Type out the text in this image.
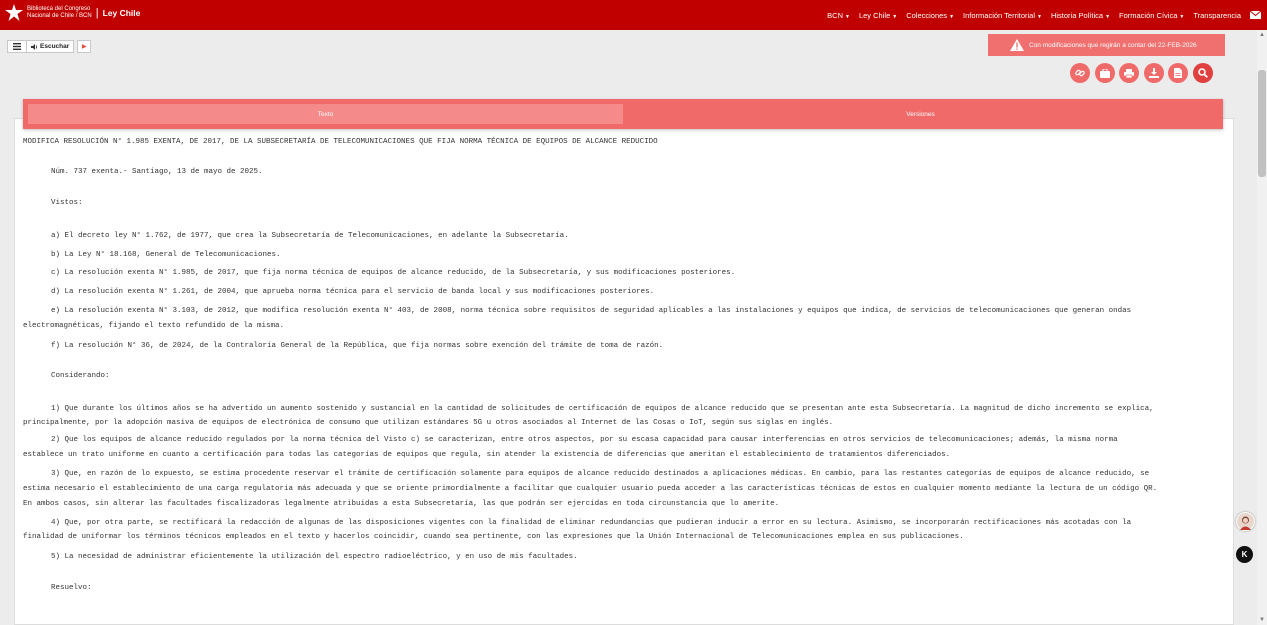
Biblioteca del Congreso
Nacional de Chile / BCN | Ley Chile	BCN ▼ Ley Chile ▼ Colecciones ▼ Información Territorial ▼ Historia Política ▼ Formación Cívica ▼ Transparencia
Escuchar ▶	Con modificaciones que regirán a contar del 22-FEB-2026
Texto	Versiones

MODIFICA RESOLUCIÓN N° 1.985 EXENTA, DE 2017, DE LA SUBSECRETARÍA DE TELECOMUNICACIONES QUE FIJA NORMA TÉCNICA DE EQUIPOS DE ALCANCE REDUCIDO

Núm. 737 exenta.- Santiago, 13 de mayo de 2025.

Vistos:

a) El decreto ley N° 1.762, de 1977, que crea la Subsecretaría de Telecomunicaciones, en adelante la Subsecretaría.

b) La Ley N° 18.168, General de Telecomunicaciones.

c) La resolución exenta N° 1.985, de 2017, que fija norma técnica de equipos de alcance reducido, de la Subsecretaría, y sus modificaciones posteriores.

d) La resolución exenta N° 1.261, de 2004, que aprueba norma técnica para el servicio de banda local y sus modificaciones posteriores.

e) La resolución exenta N° 3.103, de 2012, que modifica resolución exenta N° 403, de 2008, norma técnica sobre requisitos de seguridad aplicables a las instalaciones y equipos que indica, de servicios de telecomunicaciones que generan ondas

electromagnéticas, fijando el texto refundido de la misma.

f) La resolución N° 36, de 2024, de la Contraloría General de la República, que fija normas sobre exención del trámite de toma de razón.

Considerando:

1) Que durante los últimos años se ha advertido un aumento sostenido y sustancial en la cantidad de solicitudes de certificación de equipos de alcance reducido que se presentan ante esta Subsecretaría. La magnitud de dicho incremento se explica,

principalmente, por la adopción masiva de equipos de electrónica de consumo que utilizan estándares 5G u otros asociados al Internet de las Cosas o IoT, según sus siglas en inglés.

2) Que los equipos de alcance reducido regulados por la norma técnica del Visto c) se caracterizan, entre otros aspectos, por su escasa capacidad para causar interferencias en otros servicios de telecomunicaciones; además, la misma norma

establece un trato uniforme en cuanto a certificación para todas las categorías de equipos que regula, sin atender la existencia de diferencias que ameritan el establecimiento de tratamientos diferenciados.

3) Que, en razón de lo expuesto, se estima procedente reservar el trámite de certificación solamente para equipos de alcance reducido destinados a aplicaciones médicas. En cambio, para las restantes categorías de equipos de alcance reducido, se

estima necesario el establecimiento de una carga regulatoria más adecuada y que se oriente primordialmente a facilitar que cualquier usuario pueda acceder a las características técnicas de estos en cualquier momento mediante la lectura de un código QR.

En ambos casos, sin alterar las facultades fiscalizadoras legalmente atribuidas a esta Subsecretaría, las que podrán ser ejercidas en toda circunstancia que lo amerite.

4) Que, por otra parte, se rectificará la redacción de algunas de las disposiciones vigentes con la finalidad de eliminar redundancias que pudieran inducir a error en su lectura. Asimismo, se incorporarán rectificaciones más acotadas con la

finalidad de uniformar los términos técnicos empleados en el texto y hacerlos coincidir, cuando sea pertinente, con las expresiones que la Unión Internacional de Telecomunicaciones emplea en sus publicaciones.

5) La necesidad de administrar eficientemente la utilización del espectro radioeléctrico, y en uso de mis facultades.

Resuelvo:

▲
▼
K
